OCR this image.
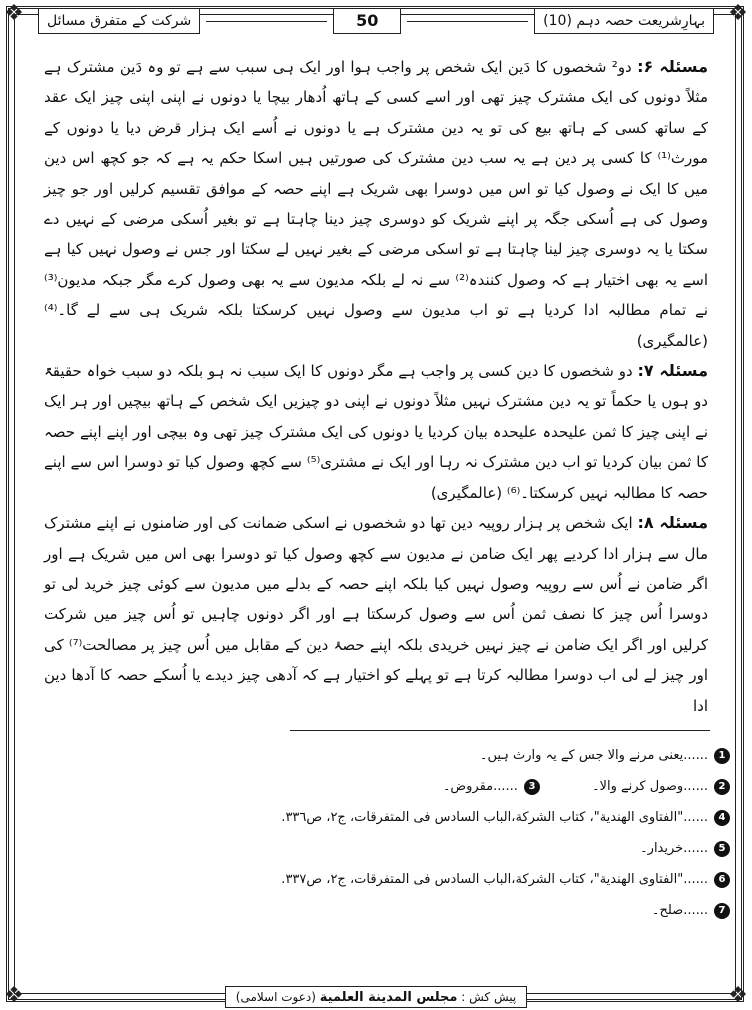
❖	❖
❖	❖
شرکت کے متفرق مسائل	50	بہارِشریعت حصہ دہم (10)

مسئلہ ۶: دو² شخصوں کا دَین ایک شخص پر واجب ہوا اور ایک ہی سبب سے ہے تو وہ دَین مشترک ہے مثلاً دونوں کی ایک مشترک چیز تھی اور اسے کسی کے ہاتھ اُدھار بیچا یا دونوں نے اپنی اپنی چیز ایک عقد کے ساتھ کسی کے ہاتھ بیع کی تو یہ دین مشترک ہے یا دونوں نے اُسے ایک ہزار قرض دیا یا دونوں کے مورث⁽¹⁾ کا کسی پر دین ہے یہ سب دین مشترک کی صورتیں ہیں اسکا حکم یہ ہے کہ جو کچھ اس دین میں کا ایک نے وصول کیا تو اس میں دوسرا بھی شریک ہے اپنے حصہ کے موافق تقسیم کرلیں اور جو چیز وصول کی ہے اُسکی جگہ پر اپنے شریک کو دوسری چیز دینا چاہتا ہے تو بغیر اُسکی مرضی کے نہیں دے سکتا یا یہ دوسری چیز لینا چاہتا ہے تو اسکی مرضی کے بغیر نہیں لے سکتا اور جس نے وصول نہیں کیا ہے اسے یہ بھی اختیار ہے کہ وصول کنندہ⁽²⁾ سے نہ لے بلکہ مدیون سے یہ بھی وصول کرے مگر جبکہ مدیون⁽³⁾ نے تمام مطالبہ ادا کردیا ہے تو اب مدیون سے وصول نہیں کرسکتا بلکہ شریک ہی سے لے گا۔⁽⁴⁾ (عالمگیری)

مسئلہ ۷: دو شخصوں کا دین کسی پر واجب ہے مگر دونوں کا ایک سبب نہ ہو بلکہ دو سبب خواہ حقیقۃً دو ہوں یا حکماً تو یہ دین مشترک نہیں مثلاً دونوں نے اپنی دو چیزیں ایک شخص کے ہاتھ بیچیں اور ہر ایک نے اپنی چیز کا ثمن علیحدہ علیحدہ بیان کردیا یا دونوں کی ایک مشترک چیز تھی وہ بیچی اور اپنے اپنے حصہ کا ثمن بیان کردیا تو اب دین مشترک نہ رہا اور ایک نے مشتری⁽⁵⁾ سے کچھ وصول کیا تو دوسرا اس سے اپنے حصہ کا مطالبہ نہیں کرسکتا۔⁽⁶⁾ (عالمگیری)

مسئلہ ۸: ایک شخص پر ہزار روپیہ دین تھا دو شخصوں نے اسکی ضمانت کی اور ضامنوں نے اپنے مشترک مال سے ہزار ادا کردیے پھر ایک ضامن نے مدیون سے کچھ وصول کیا تو دوسرا بھی اس میں شریک ہے اور اگر ضامن نے اُس سے روپیہ وصول نہیں کیا بلکہ اپنے حصہ کے بدلے میں مدیون سے کوئی چیز خرید لی تو دوسرا اُس چیز کا نصف ثمن اُس سے وصول کرسکتا ہے اور اگر دونوں چاہیں تو اُس چیز میں شرکت کرلیں اور اگر ایک ضامن نے چیز نہیں خریدی بلکہ اپنے حصۂ دین کے مقابل میں اُس چیز پر مصالحت⁽⁷⁾ کی اور چیز لے لی اب دوسرا مطالبہ کرتا ہے تو پہلے کو اختیار ہے کہ آدھی چیز دیدے یا اُسکے حصہ کا آدھا دین ادا

1
......یعنی مرنے والا جس کے یہ وارث ہیں۔
2
......وصول کرنے والا۔
3
......مقروض۔
4
......"الفتاوی الهندية"، کتاب الشرکة،الباب السادس فی المتفرقات، ج٢، ص٣٣٦.
5
......خریدار۔
6
......"الفتاوی الهندية"، کتاب الشرکة،الباب السادس فی المتفرقات، ج٢، ص٣٣٧.
7
......صلح۔
پیش کش : مجلس المدينة العلمية (دعوت اسلامی)
